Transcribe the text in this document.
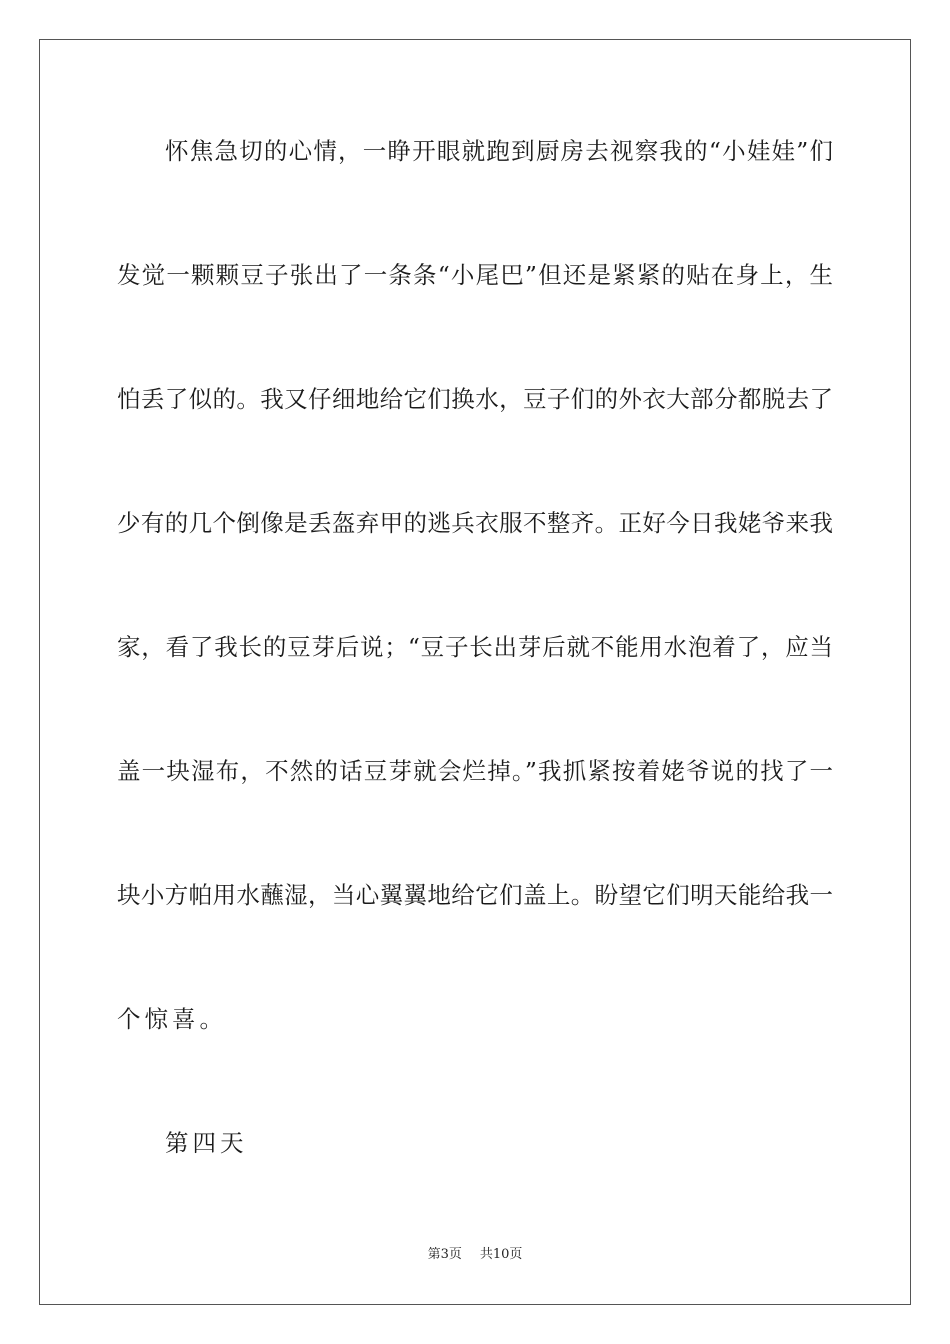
怀焦急切的心情，一睁开眼就跑到厨房去视察我的“小娃娃”们
发觉一颗颗豆子张出了一条条“小尾巴”但还是紧紧的贴在身上，生
怕丢了似的。我又仔细地给它们换水，豆子们的外衣大部分都脱去了
少有的几个倒像是丢盔弃甲的逃兵衣服不整齐。正好今日我姥爷来我
家，看了我长的豆芽后说；“豆子长出芽后就不能用水泡着了，应当
盖一块湿布，不然的话豆芽就会烂掉。”我抓紧按着姥爷说的找了一
块小方帕用水蘸湿，当心翼翼地给它们盖上。盼望它们明天能给我一
个惊喜。
第四天
第3页 共10页
